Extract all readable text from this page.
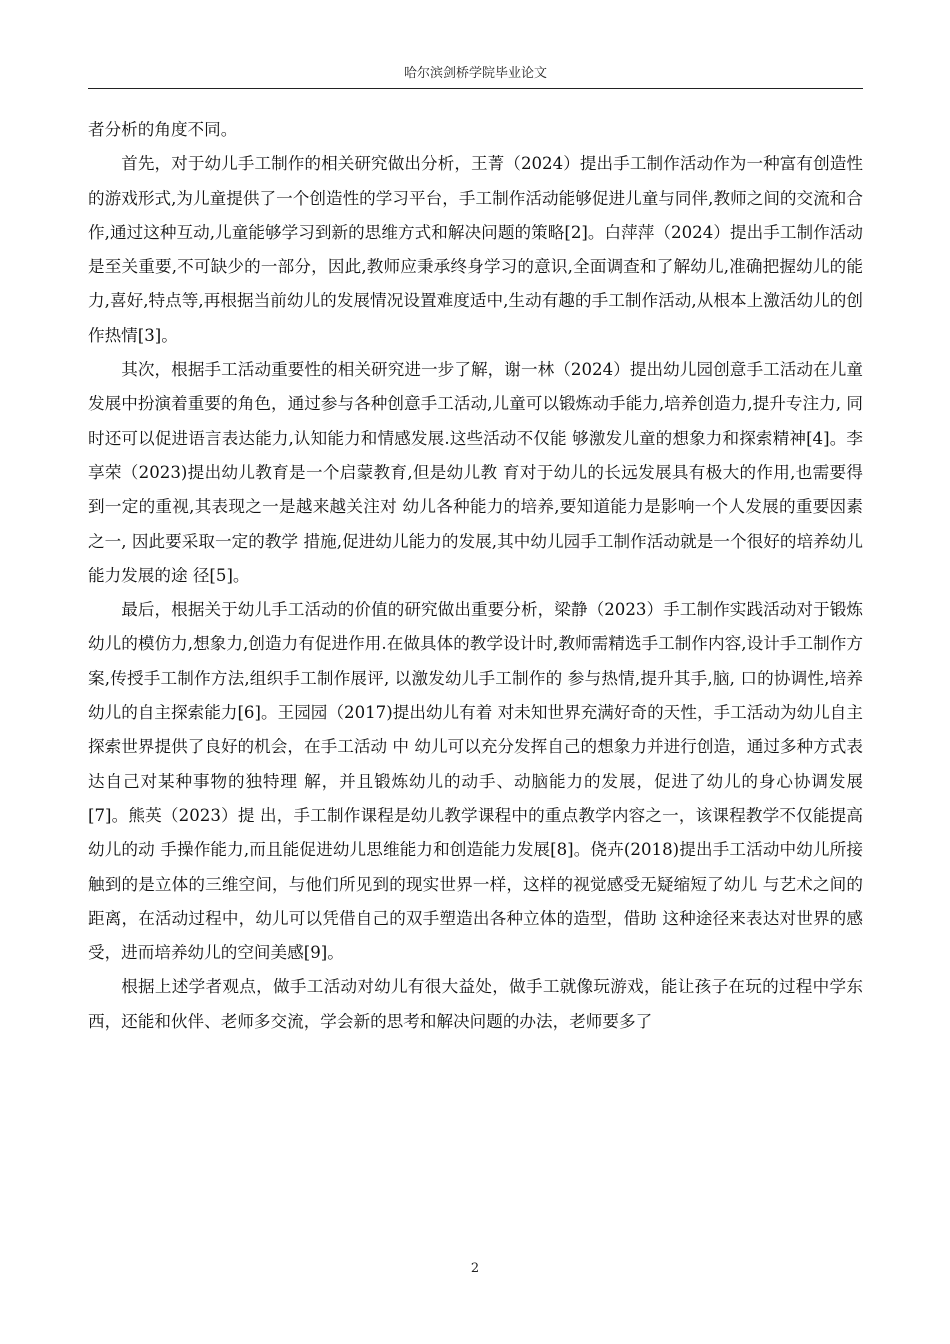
哈尔滨剑桥学院毕业论文

者分析的角度不同。

首先，对于幼儿手工制作的相关研究做出分析，王菁（2024）提出手工制作活动作为一种富有创造性的游戏形式,为儿童提供了一个创造性的学习平台，手工制作活动能够促进儿童与同伴,教师之间的交流和合作,通过这种互动,儿童能够学习到新的思维方式和解决问题的策略[2]。白萍萍（2024）提出手工制作活动是至关重要,不可缺少的一部分，因此,教师应秉承终身学习的意识,全面调查和了解幼儿,准确把握幼儿的能力,喜好,特点等,再根据当前幼儿的发展情况设置难度适中,生动有趣的手工制作活动,从根本上激活幼儿的创作热情[3]。

其次，根据手工活动重要性的相关研究进一步了解，谢一林（2024）提出幼儿园创意手工活动在儿童发展中扮演着重要的角色，通过参与各种创意手工活动,儿童可以锻炼动手能力,培养创造力,提升专注力, 同时还可以促进语言表达能力,认知能力和情感发展.这些活动不仅能 够激发儿童的想象力和探索精神[4]。李享荣（2023)提出幼儿教育是一个启蒙教育,但是幼儿教 育对于幼儿的长远发展具有极大的作用,也需要得到一定的重视,其表现之一是越来越关注对 幼儿各种能力的培养,要知道能力是影响一个人发展的重要因素之一, 因此要采取一定的教学 措施,促进幼儿能力的发展,其中幼儿园手工制作活动就是一个很好的培养幼儿能力发展的途 径[5]。

最后，根据关于幼儿手工活动的价值的研究做出重要分析，梁静（2023）手工制作实践活动对于锻炼幼儿的模仿力,想象力,创造力有促进作用.在做具体的教学设计时,教师需精选手工制作内容,设计手工制作方案,传授手工制作方法,组织手工制作展评, 以激发幼儿手工制作的 参与热情,提升其手,脑, 口的协调性,培养幼儿的自主探索能力[6]。王园园（2017)提出幼儿有着 对未知世界充满好奇的天性，手工活动为幼儿自主探索世界提供了良好的机会，在手工活动 中 幼儿可以充分发挥自己的想象力并进行创造，通过多种方式表达自己对某种事物的独特理 解，并且锻炼幼儿的动手、动脑能力的发展，促进了幼儿的身心协调发展[7]。熊英（2023）提 出，手工制作课程是幼儿教学课程中的重点教学内容之一，该课程教学不仅能提高幼儿的动 手操作能力,而且能促进幼儿思维能力和创造能力发展[8]。侥卉(2018)提出手工活动中幼儿所接 触到的是立体的三维空间，与他们所见到的现实世界一样，这样的视觉感受无疑缩短了幼儿 与艺术之间的距离，在活动过程中，幼儿可以凭借自己的双手塑造出各种立体的造型，借助 这种途径来表达对世界的感受，进而培养幼儿的空间美感[9]。

根据上述学者观点，做手工活动对幼儿有很大益处，做手工就像玩游戏，能让孩子在玩的过程中学东西，还能和伙伴、老师多交流，学会新的思考和解决问题的办法，老师要多了

2
